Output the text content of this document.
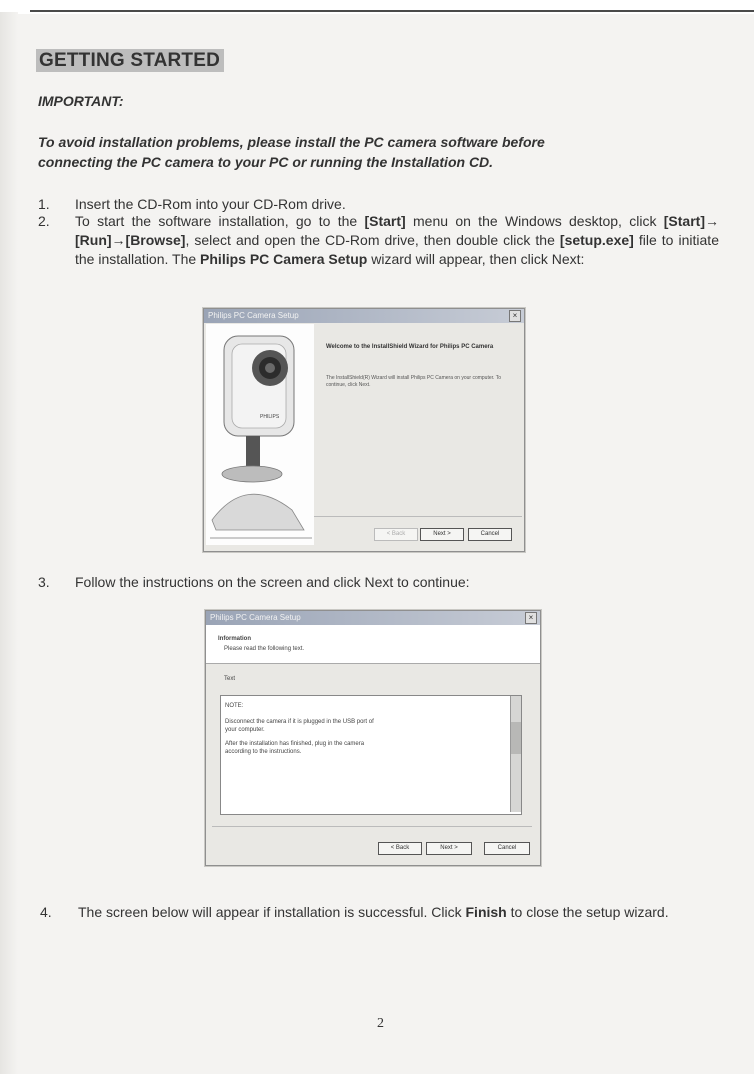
GETTING STARTED
IMPORTANT:
To avoid installation problems, please install the PC camera software before
connecting the PC camera to your PC or running the Installation CD.
1.	Insert the CD-Rom into your CD-Rom drive.
2.	To start the software installation, go to the [Start] menu on the Windows desktop, click [Start]→ [Run]→[Browse], select and open the CD-Rom drive, then double click the [setup.exe] file to initiate the installation. The Philips PC Camera Setup wizard will appear, then click Next:
Philips PC Camera Setup	×
PHILIPS
Welcome to the InstallShield Wizard for Philips PC Camera
The InstallShield(R) Wizard will install Philips PC Camera on your computer. To continue, click Next.
< Back	Next >	Cancel
3.	Follow the instructions on the screen and click Next to continue:
Philips PC Camera Setup	×
Information
Please read the following text.
Text
NOTE:
Disconnect the camera if it is plugged in the USB port of your computer.
After the installation has finished, plug in the camera according to the instructions.
< Back	Next >	Cancel
4.	The screen below will appear if installation is successful. Click Finish to close the setup wizard.
2
